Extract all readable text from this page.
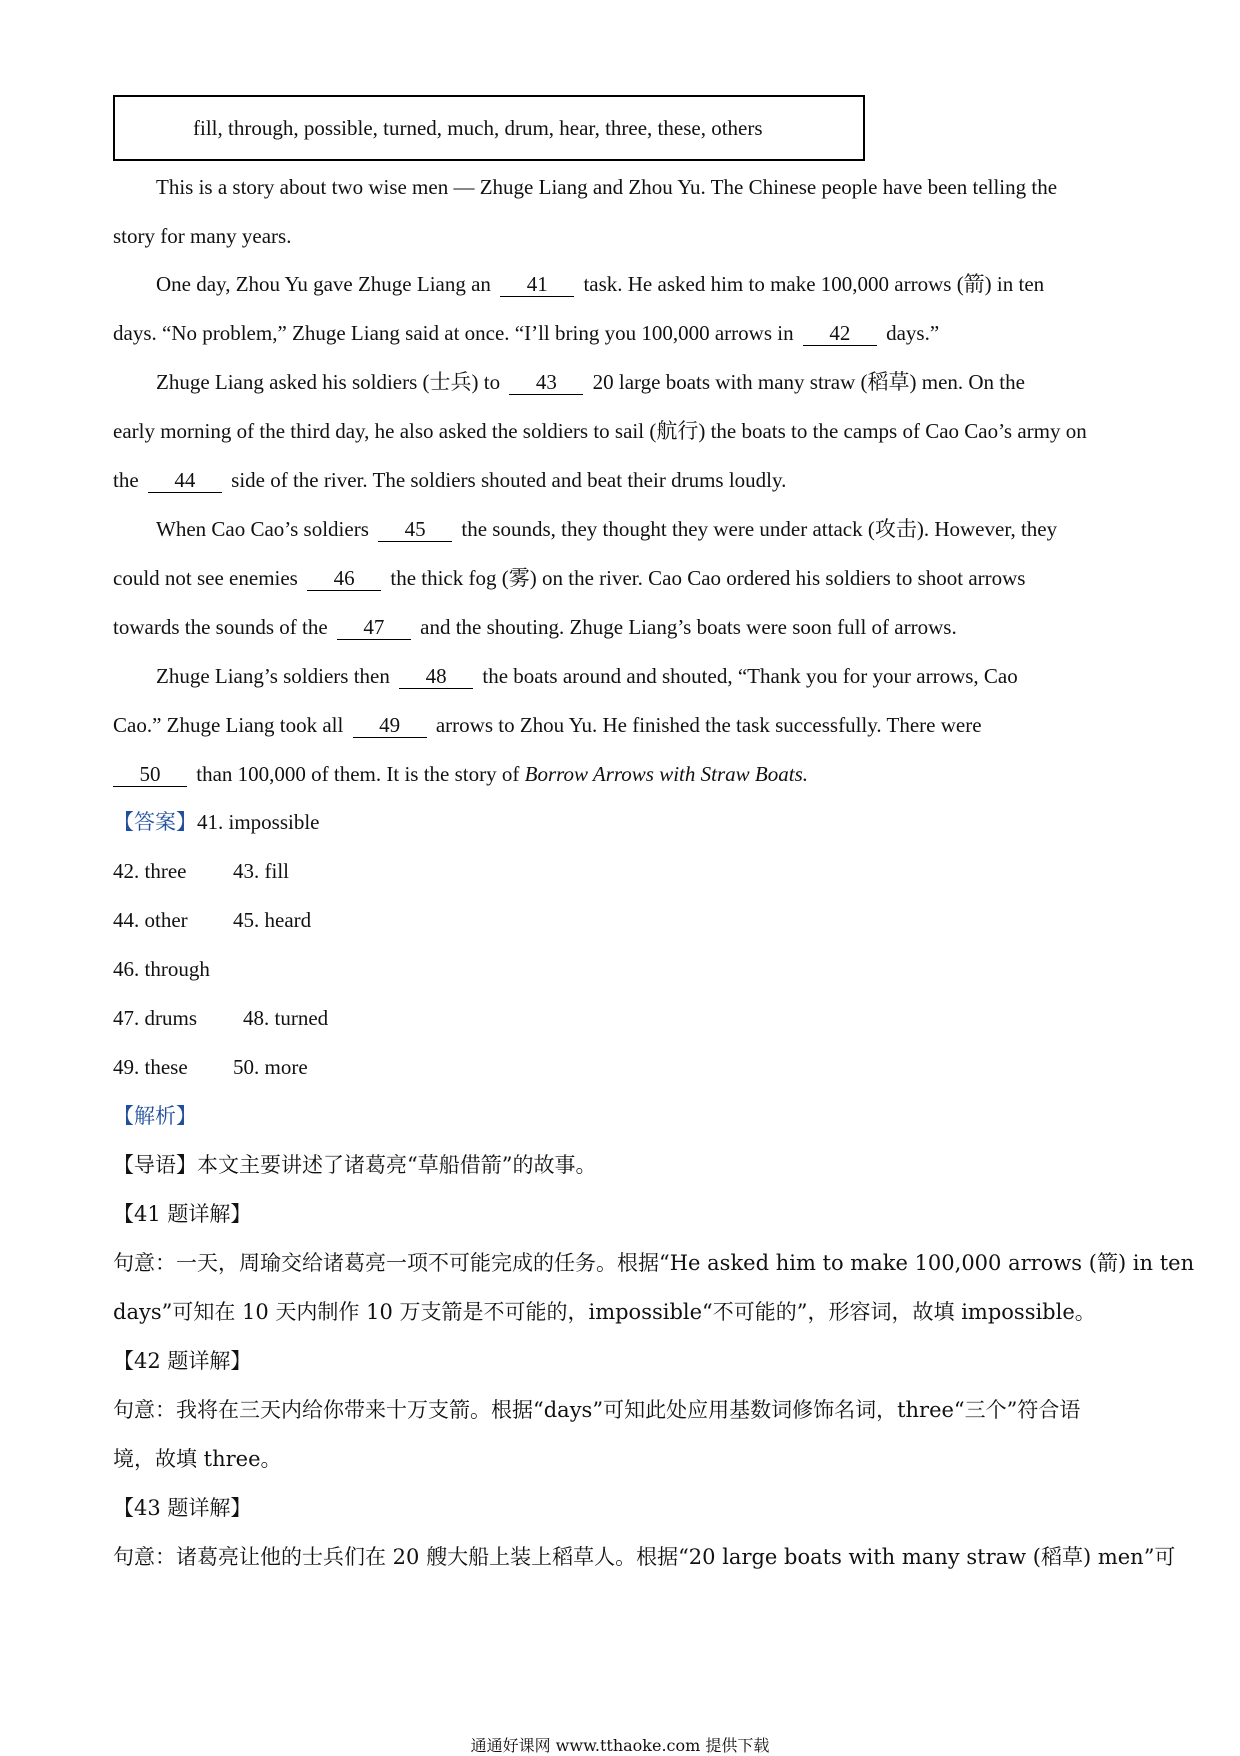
fill, through, possible, turned, much, drum, hear, three, these, others
This is a story about two wise men — Zhuge Liang and Zhou Yu. The Chinese people have been telling the
story for many years.
One day, Zhou Yu gave Zhuge Liang an 41 task. He asked him to make 100,000 arrows (箭) in ten
days. “No problem,” Zhuge Liang said at once. “I’ll bring you 100,000 arrows in 42 days.”
Zhuge Liang asked his soldiers (士兵) to 43 20 large boats with many straw (稻草) men. On the
early morning of the third day, he also asked the soldiers to sail (航行) the boats to the camps of Cao Cao’s army on
the 44 side of the river. The soldiers shouted and beat their drums loudly.
When Cao Cao’s soldiers 45 the sounds, they thought they were under attack (攻击). However, they
could not see enemies 46 the thick fog (雾) on the river. Cao Cao ordered his soldiers to shoot arrows
towards the sounds of the 47 and the shouting. Zhuge Liang’s boats were soon full of arrows.
Zhuge Liang’s soldiers then 48 the boats around and shouted, “Thank you for your arrows, Cao
Cao.” Zhuge Liang took all 49 arrows to Zhou Yu. He finished the task successfully. There were
50 than 100,000 of them. It is the story of Borrow Arrows with Straw Boats.
【答案】41. impossible
42. three 43. fill
44. other 45. heard
46. through
47. drums 48. turned
49. these 50. more
【解析】
【导语】本文主要讲述了诸葛亮“草船借箭”的故事。
【41 题详解】
句意：一天，周瑜交给诸葛亮一项不可能完成的任务。根据“He asked him to make 100,000 arrows (箭) in ten
days”可知在 10 天内制作 10 万支箭是不可能的，impossible“不可能的”，形容词，故填 impossible。
【42 题详解】
句意：我将在三天内给你带来十万支箭。根据“days”可知此处应用基数词修饰名词，three“三个”符合语
境，故填 three。
【43 题详解】
句意：诸葛亮让他的士兵们在 20 艘大船上装上稻草人。根据“20 large boats with many straw (稻草) men”可
通通好课网 www.tthaoke.com 提供下载
